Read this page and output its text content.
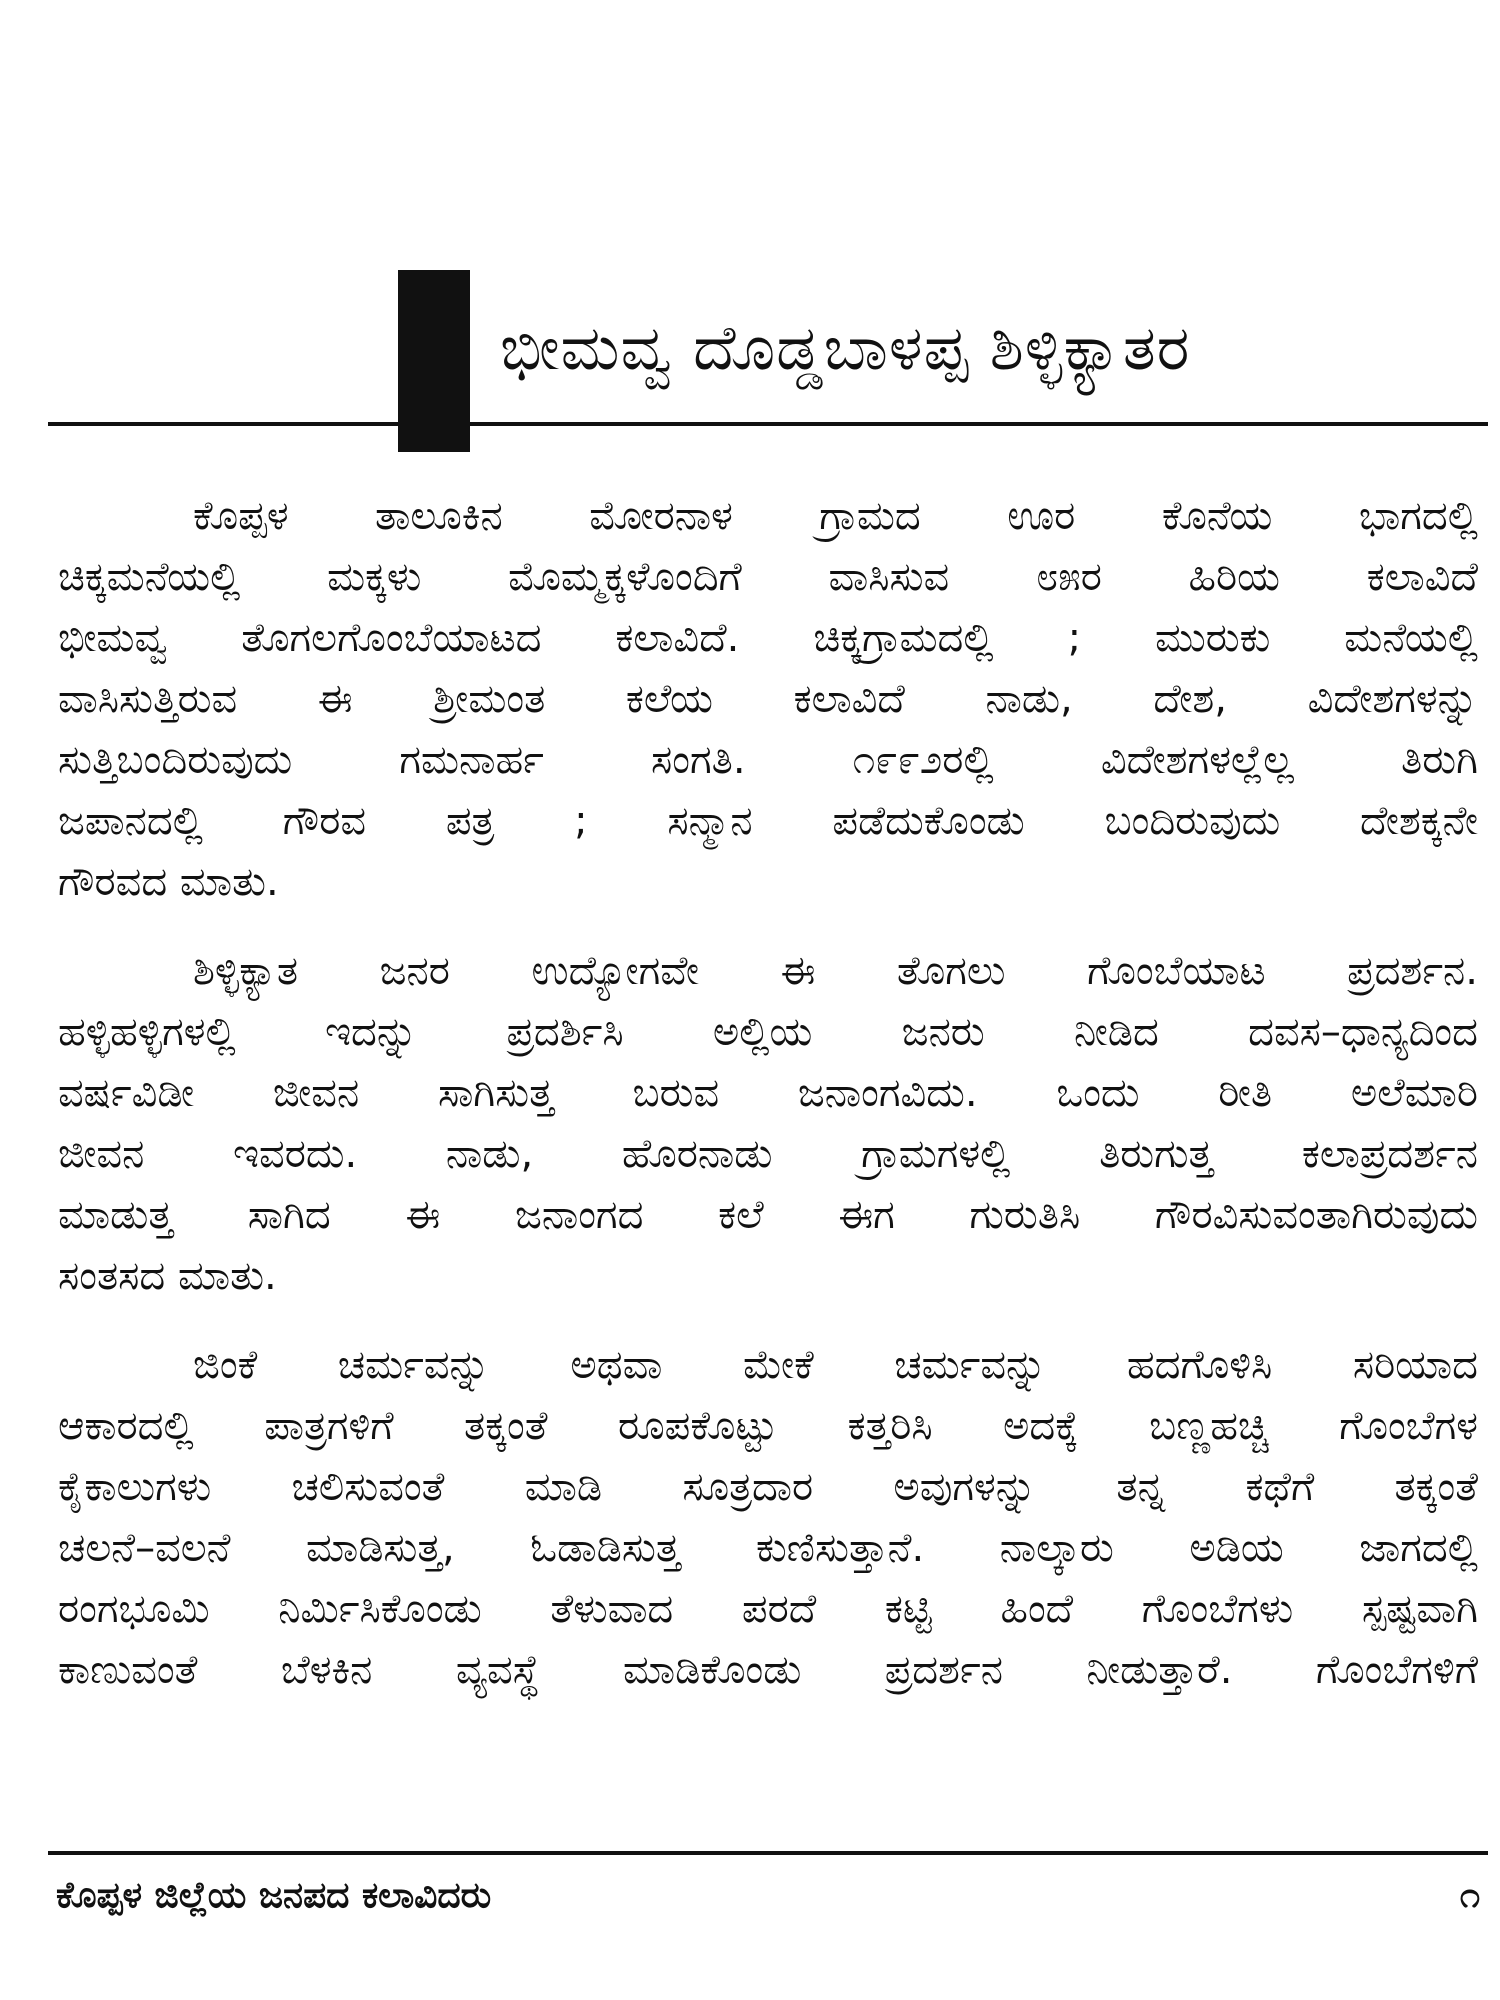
ಭೀಮವ್ವ ದೊಡ್ಡಬಾಳಪ್ಪ ಶಿಳ್ಳಿಕ್ಯಾತರ
ಕೊಪ್ಪಳ ತಾಲೂಕಿನ ಮೋರನಾಳ ಗ್ರಾಮದ ಊರ ಕೊನೆಯ ಭಾಗದಲ್ಲಿ
ಚಿಕ್ಕಮನೆಯಲ್ಲಿ ಮಕ್ಕಳು ಮೊಮ್ಮಕ್ಕಳೊಂದಿಗೆ ವಾಸಿಸುವ ೮೫ರ ಹಿರಿಯ ಕಲಾವಿದೆ
ಭೀಮವ್ವ ತೊಗಲಗೊಂಬೆಯಾಟದ ಕಲಾವಿದೆ. ಚಿಕ್ಕಗ್ರಾಮದಲ್ಲಿ ; ಮುರುಕು ಮನೆಯಲ್ಲಿ
ವಾಸಿಸುತ್ತಿರುವ ಈ ಶ್ರೀಮಂತ ಕಲೆಯ ಕಲಾವಿದೆ ನಾಡು, ದೇಶ, ವಿದೇಶಗಳನ್ನು
ಸುತ್ತಿಬಂದಿರುವುದು ಗಮನಾರ್ಹ ಸಂಗತಿ. ೧೯೯೨ರಲ್ಲಿ ವಿದೇಶಗಳಲ್ಲೆಲ್ಲ ತಿರುಗಿ
ಜಪಾನದಲ್ಲಿ ಗೌರವ ಪತ್ರ ; ಸನ್ಮಾನ ಪಡೆದುಕೊಂಡು ಬಂದಿರುವುದು ದೇಶಕ್ಕನೇ
ಗೌರವದ ಮಾತು.
ಶಿಳ್ಳಿಕ್ಯಾತ ಜನರ ಉದ್ಯೋಗವೇ ಈ ತೊಗಲು ಗೊಂಬೆಯಾಟ ಪ್ರದರ್ಶನ.
ಹಳ್ಳಿಹಳ್ಳಿಗಳಲ್ಲಿ ಇದನ್ನು ಪ್ರದರ್ಶಿಸಿ ಅಲ್ಲಿಯ ಜನರು ನೀಡಿದ ದವಸ–ಧಾನ್ಯದಿಂದ
ವರ್ಷವಿಡೀ ಜೀವನ ಸಾಗಿಸುತ್ತ ಬರುವ ಜನಾಂಗವಿದು. ಒಂದು ರೀತಿ ಅಲೆಮಾರಿ
ಜೀವನ ಇವರದು. ನಾಡು, ಹೊರನಾಡು ಗ್ರಾಮಗಳಲ್ಲಿ ತಿರುಗುತ್ತ ಕಲಾಪ್ರದರ್ಶನ
ಮಾಡುತ್ತ ಸಾಗಿದ ಈ ಜನಾಂಗದ ಕಲೆ ಈಗ ಗುರುತಿಸಿ ಗೌರವಿಸುವಂತಾಗಿರುವುದು
ಸಂತಸದ ಮಾತು.
ಜಿಂಕೆ ಚರ್ಮವನ್ನು ಅಥವಾ ಮೇಕೆ ಚರ್ಮವನ್ನು ಹದಗೊಳಿಸಿ ಸರಿಯಾದ
ಆಕಾರದಲ್ಲಿ ಪಾತ್ರಗಳಿಗೆ ತಕ್ಕಂತೆ ರೂಪಕೊಟ್ಟು ಕತ್ತರಿಸಿ ಅದಕ್ಕೆ ಬಣ್ಣಹಚ್ಚಿ ಗೊಂಬೆಗಳ
ಕೈಕಾಲುಗಳು ಚಲಿಸುವಂತೆ ಮಾಡಿ ಸೂತ್ರದಾರ ಅವುಗಳನ್ನು ತನ್ನ ಕಥೆಗೆ ತಕ್ಕಂತೆ
ಚಲನೆ–ವಲನೆ ಮಾಡಿಸುತ್ತ, ಓಡಾಡಿಸುತ್ತ ಕುಣಿಸುತ್ತಾನೆ. ನಾಲ್ಕಾರು ಅಡಿಯ ಜಾಗದಲ್ಲಿ
ರಂಗಭೂಮಿ ನಿರ್ಮಿಸಿಕೊಂಡು ತೆಳುವಾದ ಪರದೆ ಕಟ್ಟಿ ಹಿಂದೆ ಗೊಂಬೆಗಳು ಸ್ಪಷ್ಟವಾಗಿ
ಕಾಣುವಂತೆ ಬೆಳಕಿನ ವ್ಯವಸ್ಥೆ ಮಾಡಿಕೊಂಡು ಪ್ರದರ್ಶನ ನೀಡುತ್ತಾರೆ. ಗೊಂಬೆಗಳಿಗೆ
ಕೊಪ್ಪಳ ಜಿಲ್ಲೆಯ ಜನಪದ ಕಲಾವಿದರು	೧
